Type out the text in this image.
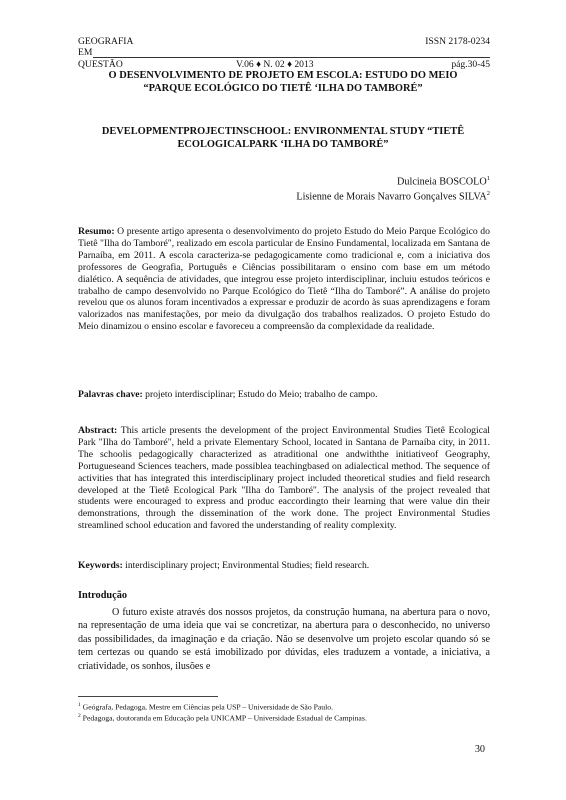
GEOGRAFIA
EM
QUESTÃO
ISSN 2178-0234
V.06 ♦ N. 02 ♦ 2013	pág.30-45
O DESENVOLVIMENTO DE PROJETO EM ESCOLA: ESTUDO DO MEIO
“PARQUE ECOLÓGICO DO TIETÊ ‘ILHA DO TAMBORÉ”
DEVELOPMENTPROJECTINSCHOOL: ENVIRONMENTAL STUDY “TIETÊ
ECOLOGICALPARK ‘ILHA DO TAMBORÉ”
Dulcineia BOSCOLO$^1$
Lisienne de Morais Navarro Gonçalves SILVA$^2$
Resumo: O presente artigo apresenta o desenvolvimento do projeto Estudo do Meio Parque Ecológico do Tietê "Ilha do Tamboré", realizado em escola particular de Ensino Fundamental, localizada em Santana de Parnaíba, em 2011. A escola caracteriza-se pedagogicamente como tradicional e, com a iniciativa dos professores de Geografia, Português e Ciências possibilitaram o ensino com base em um método dialético. A sequência de atividades, que integrou esse projeto interdisciplinar, incluiu estudos teóricos e trabalho de campo desenvolvido no Parque Ecológico do Tietê “Ilha do Tamboré”. A análise do projeto revelou que os alunos foram incentivados a expressar e produzir de acordo às suas aprendizagens e foram valorizados nas manifestações, por meio da divulgação dos trabalhos realizados. O projeto Estudo do Meio dinamizou o ensino escolar e favoreceu a compreensão da complexidade da realidade.
Palavras chave: projeto interdisciplinar; Estudo do Meio; trabalho de campo.
Abstract: This article presents the development of the project Environmental Studies Tietê Ecological Park "Ilha do Tamboré", held a private Elementary School, located in Santana de Parnaíba city, in 2011. The schoolis pedagogically characterized as atraditional one andwiththe initiativeof Geography, Portugueseand Sciences teachers, made possiblea teachingbased on adialectical method. The sequence of activities that has integrated this interdisciplinary project included theoretical studies and field research developed at the Tietê Ecological Park "Ilha do Tamboré". The analysis of the project revealed that students were encouraged to express and produc eaccordingto their learning that were value din their demonstrations, through the dissemination of the work done. The project Environmental Studies streamlined school education and favored the understanding of reality complexity.
Keywords: interdisciplinary project; Environmental Studies; field research.
Introdução
O futuro existe através dos nossos projetos, da construção humana, na abertura para o novo, na representação de uma ideia que vai se concretizar, na abertura para o desconhecido, no universo das possibilidades, da imaginação e da criação. Não se desenvolve um projeto escolar quando só se tem certezas ou quando se está imobilizado por dúvidas, eles traduzem a vontade, a iniciativa, a criatividade, os sonhos, ilusões e
$^1$ Geógrafa, Pedagoga, Mestre em Ciências pela USP – Universidade de São Paulo.
$^2$ Pedagoga, doutoranda em Educação pela UNICAMP – Universidade Estadual de Campinas.
30
